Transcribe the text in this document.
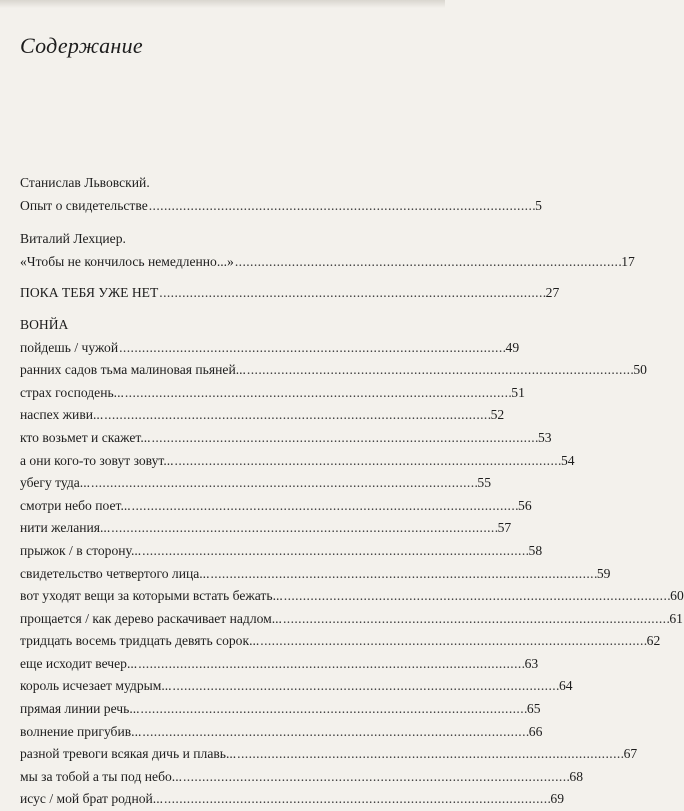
Содержание
Станислав Львовский.
Опыт о свидетельстве . . .	5
Виталий Лехциер.
«Чтобы не кончилось немедленно...» . . .	17
ПОКА ТЕБЯ УЖЕ НЕТ . . .	27
ВОНЙА
пойдешь / чужой . . .	49
ранних садов тьма малиновая пьяней... . . .	50
страх господень... . . .	51
наспех живи... . . .	52
кто возьмет и скажет... . . .	53
а они кого-то зовут зовут... . . .	54
убегу туда... . . .	55
смотри небо поет... . . .	56
нити желания... . . .	57
прыжок / в сторону... . . .	58
свидетельство четвертого лица... . . .	59
вот уходят вещи за которыми встать бежать... . . .	60
прощается / как дерево раскачивает надлом... . . .	61
тридцать восемь тридцать девять сорок... . . .	62
еще исходит вечер... . . .	63
король исчезает мудрым... . . .	64
прямая линии речь... . . .	65
волнение пригубив... . . .	66
разной тревоги всякая дичь и плавь... . . .	67
мы за тобой а ты под небо... . . .	68
исус / мой брат родной... . . .	69
